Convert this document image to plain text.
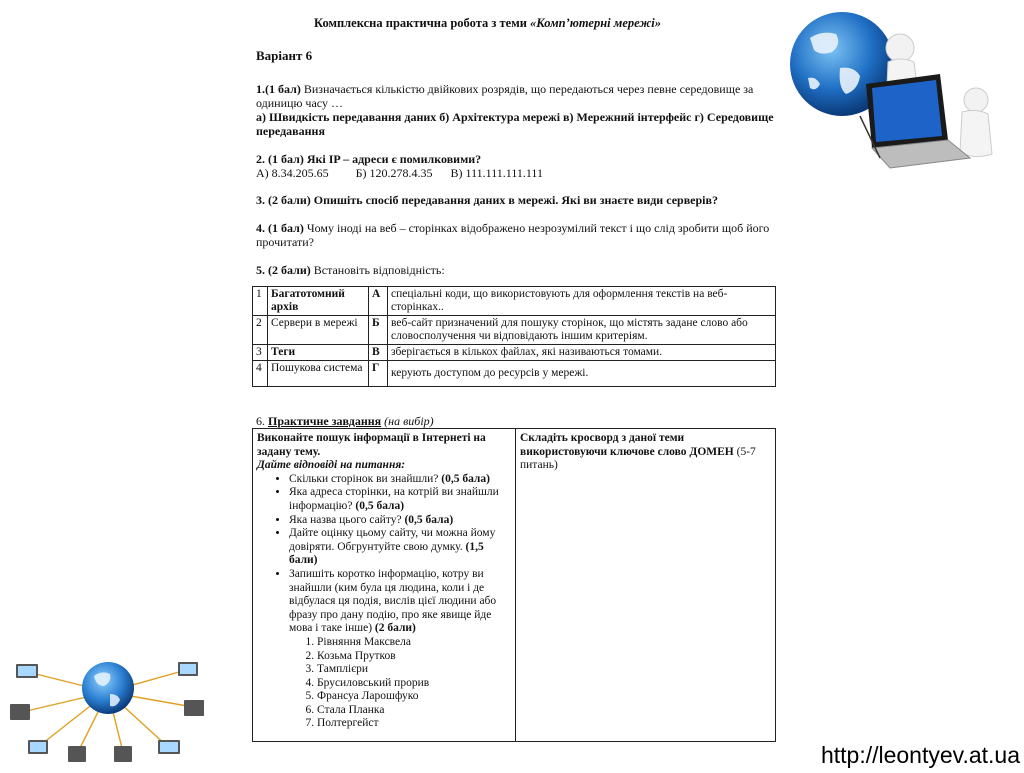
Комплексна практична робота з теми «Комп’ютерні мережі»
Варіант 6
1.(1 бал) Визначається кількістю двійкових розрядів, що передаються через певне середовище за одиницю часу …
а) Швидкість передавання даних б) Архітектура мережі в) Мережний інтерфейс г) Середовище передавання
2. (1 бал) Які IP – адреси є помилковими?
А) 8.34.205.65         Б) 120.278.4.35      В) 111.111.111.111
3. (2 бали) Опишіть спосіб передавання даних в мережі. Які ви знаєте види серверів?
4. (1 бал) Чому іноді на веб – сторінках відображено незрозумілий текст і що слід зробити щоб його прочитати?
5. (2 бали) Встановіть відповідність:
1	Багатотомний архів	А	спеціальні коди, що використовують для оформлення текстів на веб-сторінках..
2	Сервери в мережі	Б	веб-сайт призначений для пошуку сторінок, що містять задане слово або словосполучення чи відповідають іншим критеріям.
3	Теги	В	зберігається в кількох файлах, які називаються томами.
4	Пошукова система	Г	керують доступом до ресурсів у мережі.
6. Практичне завдання (на вибір)
Виконайте пошук інформації в Інтернеті на задану тему.
Дайте відповіді на питання:
• Скільки сторінок ви знайшли? (0,5 бала)
• Яка адреса сторінки, на котрій ви знайшли інформацію? (0,5 бала)
• Яка назва цього сайту? (0,5 бала)
• Дайте оцінку цьому сайту, чи можна йому довіряти. Обгрунтуйте свою думку. (1,5 бали)
• Запишіть коротко інформацію, котру ви знайшли (ким була ця людина, коли і де відбулася ця подія, вислів цієї людини або фразу про дану подію, про яке явище йде мова і таке інше) (2 бали)
1. Рівняння Максвела
2. Козьма Прутков
3. Тамплієри
4. Брусиловський прорив
5. Франсуа Ларошфуко
6. Стала Планка
7. Полтергейст
	Складіть кросворд з даної теми використовуючи ключове слово ДОМЕН (5-7 питань)
http://leontyev.at.ua
